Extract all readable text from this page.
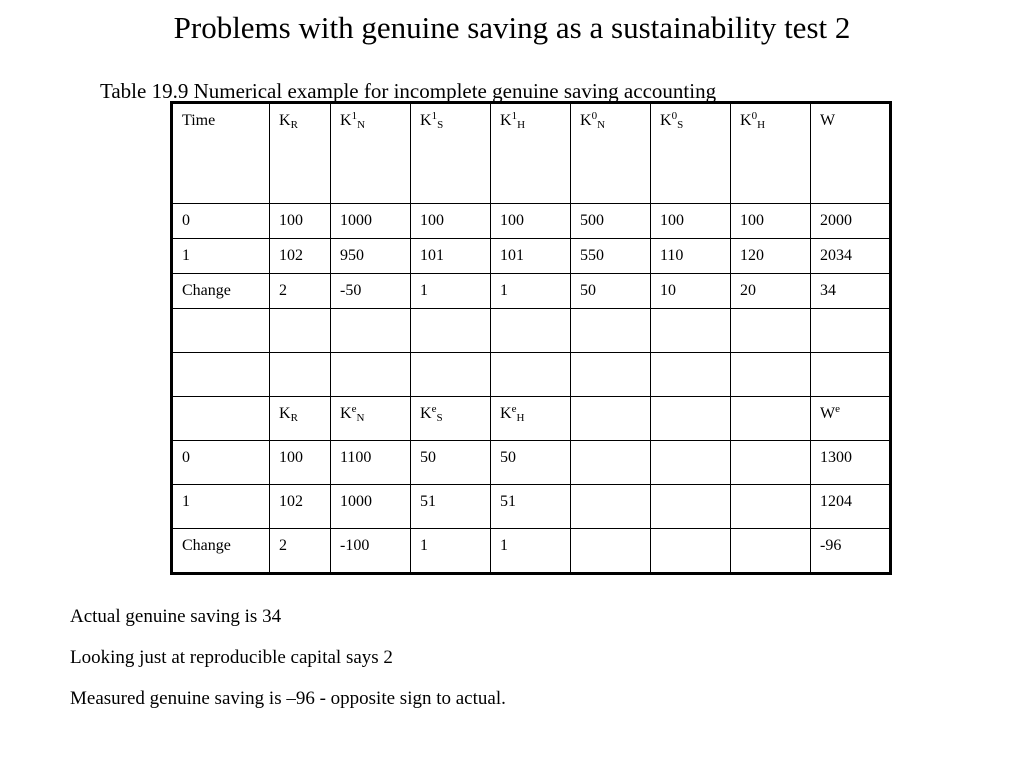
Problems with genuine saving as a sustainability test 2
Table 19.9 Numerical example for incomplete genuine saving accounting
Time	$K_R$	$K^1_N$	$K^1_S$	$K^1_H$	$K^0_N$	$K^0_S$	$K^0_H$	W
0	100	1000	100	100	500	100	100	2000
1	102	950	101	101	550	110	120	2034
Change	2	-50	1	1	50	10	20	34

	$K_R$	$K^e_N$	$K^e_S$	$K^e_H$				$W^e$
0	100	1100	50	50				1300
1	102	1000	51	51				1204
Change	2	-100	1	1				-96
Actual genuine saving is 34
Looking just at reproducible capital says 2
Measured genuine saving is –96 - opposite sign to actual.
